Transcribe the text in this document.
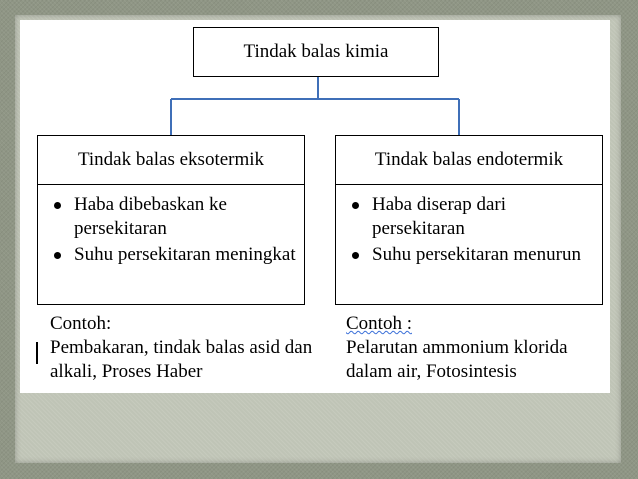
Tindak balas kimia
Tindak balas eksotermik
Haba dibebaskan ke persekitaran
Suhu persekitaran meningkat
Tindak balas endotermik
Haba diserap dari persekitaran
Suhu persekitaran menurun
Contoh:
Pembakaran, tindak balas asid dan alkali, Proses Haber
Contoh :
Pelarutan ammonium klorida dalam air, Fotosintesis
